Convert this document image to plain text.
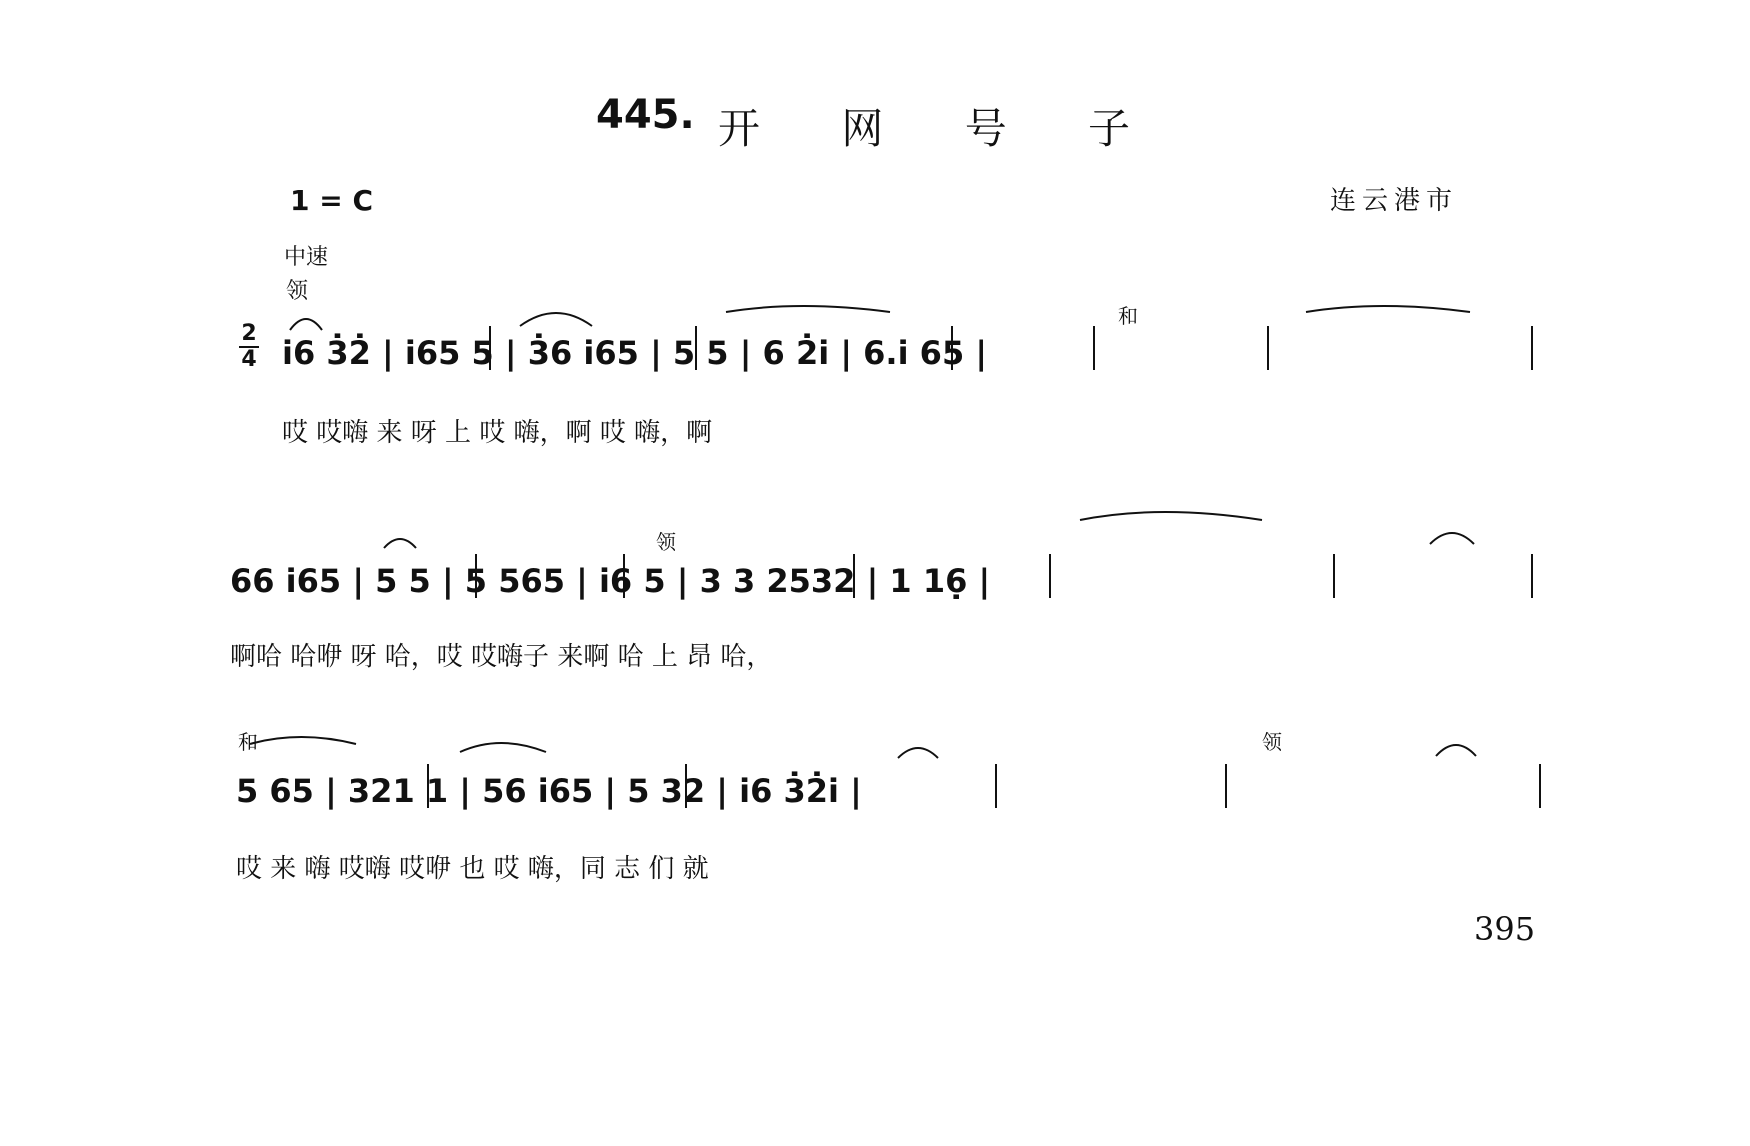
445. 开 网 号 子
1 = C
中速
领
连云港市
2
4 i̇6 3̇2̇ | i̇65 5 | 3̇6 i̇65 | 5 5 | 6 2̇i̇ | 6.i̇ 65 |
哎 哎嗨 来 呀 上 哎 嗨，啊 哎 嗨，啊
和
66 i̇65 | 5 5 | 5 565 | i̇6 5 | 3 3 2532 | 1 16̣ |
啊哈 哈咿 呀 哈，哎 哎嗨子 来啊 哈 上 昂 哈，
领
5 65 | 321 1 | 56 i̇65 | 5 32 | i̇6 3̇2̇i̇ |
哎 来 嗨 哎嗨 哎咿 也 哎 嗨，同 志 们 就
和	领
395
